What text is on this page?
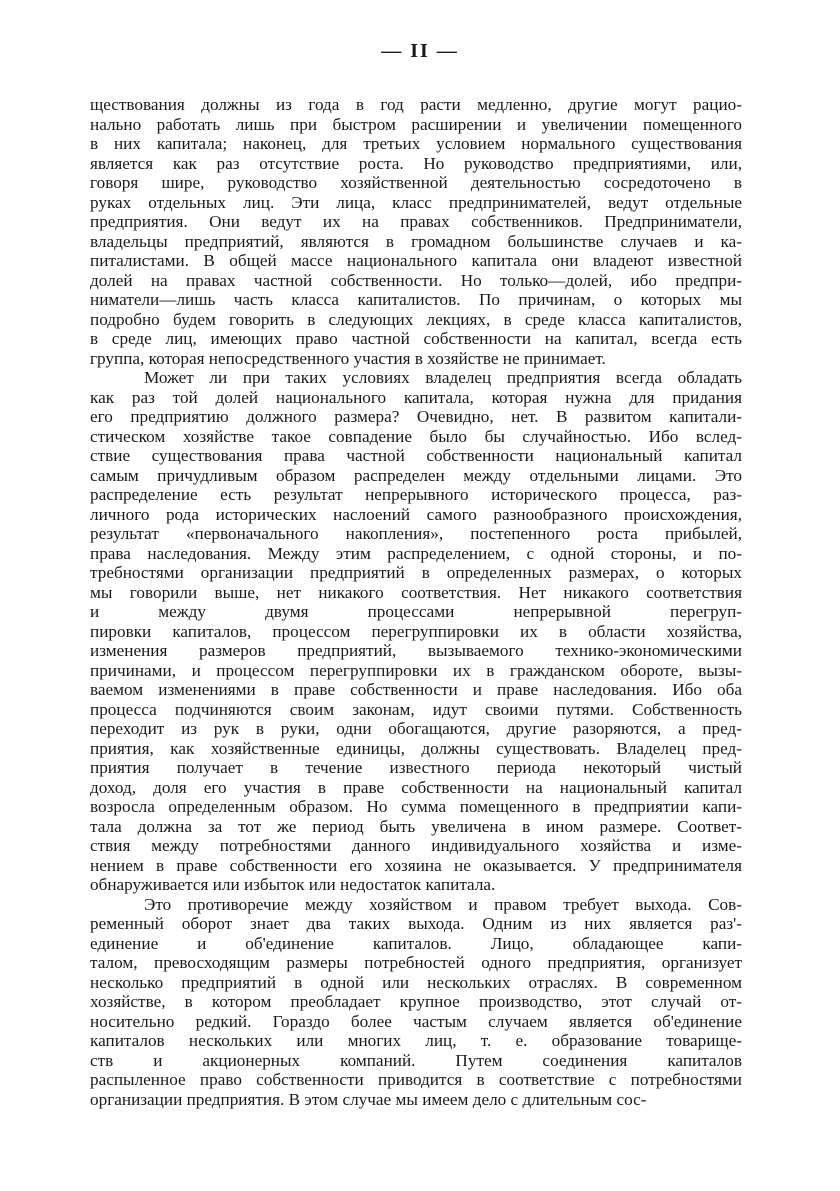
— II —
ществования должны из года в год расти медленно, другие могут рацио-
нально работать лишь при быстром расширении и увеличении помещенного
в них капитала; наконец, для третьих условием нормального существования
является как раз отсутствие роста. Но руководство предприятиями, или,
говоря шире, руководство хозяйственной деятельностью сосредоточено в
руках отдельных лиц. Эти лица, класс предпринимателей, ведут отдельные
предприятия. Они ведут их на правах собственников. Предприниматели,
владельцы предприятий, являются в громадном большинстве случаев и ка-
питалистами. В общей массе национального капитала они владеют известной
долей на правах частной собственности. Но только—долей, ибо предпри-
ниматели—лишь часть класса капиталистов. По причинам, о которых мы
подробно будем говорить в следующих лекциях, в среде класса капиталистов,
в среде лиц, имеющих право частной собственности на капитал, всегда есть
группа, которая непосредственного участия в хозяйстве не принимает.
Может ли при таких условиях владелец предприятия всегда обладать
как раз той долей национального капитала, которая нужна для придания
его предприятию должного размера? Очевидно, нет. В развитом капитали-
стическом хозяйстве такое совпадение было бы случайностью. Ибо вслед-
ствие существования права частной собственности национальный капитал
самым причудливым образом распределен между отдельными лицами. Это
распределение есть результат непрерывного исторического процесса, раз-
личного рода исторических наслоений самого разнообразного происхождения,
результат «первоначального накопления», постепенного роста прибылей,
права наследования. Между этим распределением, с одной стороны, и по-
требностями организации предприятий в определенных размерах, о которых
мы говорили выше, нет никакого соответствия. Нет никакого соответствия
и между двумя процессами непрерывной перегруп-
пировки капиталов, процессом перегруппировки их в области хозяйства,
изменения размеров предприятий, вызываемого технико-экономическими
причинами, и процессом перегруппировки их в гражданском обороте, вызы-
ваемом изменениями в праве собственности и праве наследования. Ибо оба
процесса подчиняются своим законам, идут своими путями. Собственность
переходит из рук в руки, одни обогащаются, другие разоряются, а пред-
приятия, как хозяйственные единицы, должны существовать. Владелец пред-
приятия получает в течение известного периода некоторый чистый
доход, доля его участия в праве собственности на национальный капитал
возросла определенным образом. Но сумма помещенного в предприятии капи-
тала должна за тот же период быть увеличена в ином размере. Соответ-
ствия между потребностями данного индивидуального хозяйства и изме-
нением в праве собственности его хозяина не оказывается. У предпринимателя
обнаруживается или избыток или недостаток капитала.
Это противоречие между хозяйством и правом требует выхода. Сов-
ременный оборот знает два таких выхода. Одним из них является раз'-
единение и об'единение капиталов. Лицо, обладающее капи-
талом, превосходящим размеры потребностей одного предприятия, организует
несколько предприятий в одной или нескольких отраслях. В современном
хозяйстве, в котором преобладает крупное производство, этот случай от-
носительно редкий. Гораздо более частым случаем является об'единение
капиталов нескольких или многих лиц, т. е. образование товарище-
ств и акционерных компаний. Путем соединения капиталов
распыленное право собственности приводится в соответствие с потребностями
организации предприятия. В этом случае мы имеем дело с длительным сос-
